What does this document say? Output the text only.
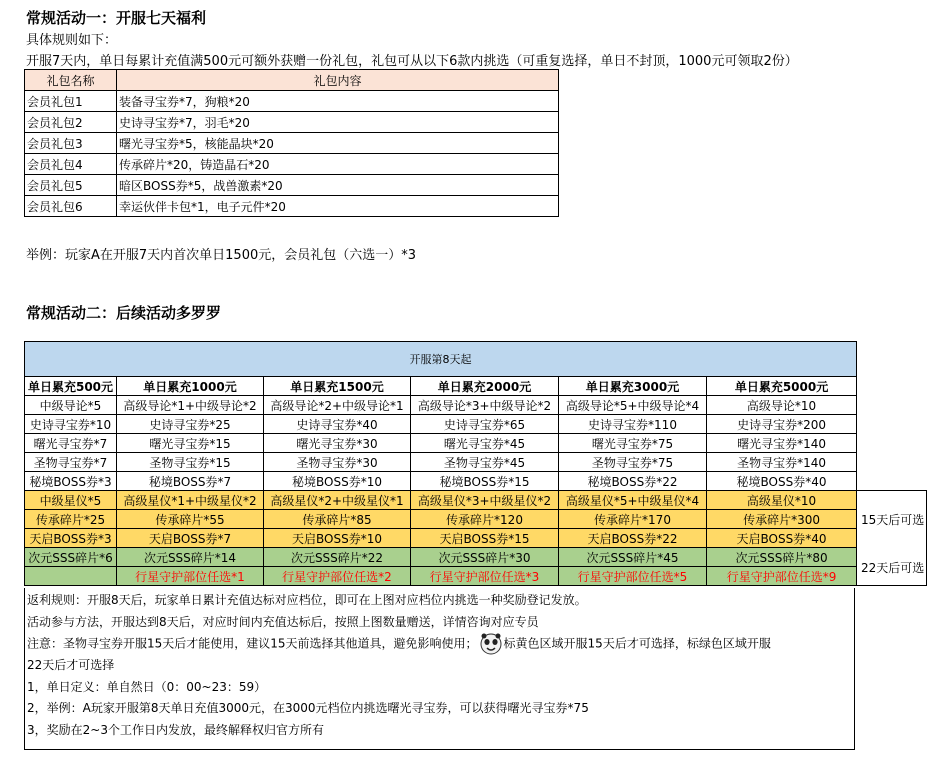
常规活动一：开服七天福利
具体规则如下：
开服7天内，单日每累计充值满500元可额外获赠一份礼包，礼包可从以下6款内挑选（可重复选择，单日不封顶，1000元可领取2份）
礼包名称	礼包内容
会员礼包1	装备寻宝券*7，狗粮*20
会员礼包2	史诗寻宝券*7，羽毛*20
会员礼包3	曙光寻宝券*5，核能晶块*20
会员礼包4	传承碎片*20，铸造晶石*20
会员礼包5	暗区BOSS券*5，战兽激素*20
会员礼包6	幸运伙伴卡包*1，电子元件*20
举例：玩家A在开服7天内首次单日1500元，会员礼包（六选一）*3
常规活动二：后续活动多罗罗
开服第8天起					
单日累充500元	单日累充1000元	单日累充1500元	单日累充2000元	单日累充3000元	单日累充5000元
中级导论*5	高级导论*1+中级导论*2	高级导论*2+中级导论*1	高级导论*3+中级导论*2	高级导论*5+中级导论*4	高级导论*10
史诗寻宝券*10	史诗寻宝券*25	史诗寻宝券*40	史诗寻宝券*65	史诗寻宝券*110	史诗寻宝券*200
曙光寻宝券*7	曙光寻宝券*15	曙光寻宝券*30	曙光寻宝券*45	曙光寻宝券*75	曙光寻宝券*140
圣物寻宝券*7	圣物寻宝券*15	圣物寻宝券*30	圣物寻宝券*45	圣物寻宝券*75	圣物寻宝券*140
秘境BOSS券*3	秘境BOSS券*7	秘境BOSS券*10	秘境BOSS券*15	秘境BOSS券*22	秘境BOSS券*40
中级星仪*5	高级星仪*1+中级星仪*2	高级星仪*2+中级星仪*1	高级星仪*3+中级星仪*2	高级星仪*5+中级星仪*4	高级星仪*10
传承碎片*25	传承碎片*55	传承碎片*85	传承碎片*120	传承碎片*170	传承碎片*300
天启BOSS券*3	天启BOSS券*7	天启BOSS券*10	天启BOSS券*15	天启BOSS券*22	天启BOSS券*40
次元SSS碎片*6	次元SSS碎片*14	次元SSS碎片*22	次元SSS碎片*30	次元SSS碎片*45	次元SSS碎片*80
	行星守护部位任选*1	行星守护部位任选*2	行星守护部位任选*3	行星守护部位任选*5	行星守护部位任选*9
15天后可选
22天后可选
返利规则：开服8天后，玩家单日累计充值达标对应档位，即可在上图对应档位内挑选一种奖励登记发放。
活动参与方法，开服达到8天后，对应时间内充值达标后，按照上图数量赠送，详情咨询对应专员
注意：圣物寻宝券开服15天后才能使用，建议15天前选择其他道具，避免影响使用； 标黄色区域开服15天后才可选择，标绿色区域开服
22天后才可选择
1，单日定义：单自然日（0：00~23：59）
2，举例：A玩家开服第8天单日充值3000元，在3000元档位内挑选曙光寻宝券，可以获得曙光寻宝券*75
3，奖励在2~3个工作日内发放，最终解释权归官方所有
